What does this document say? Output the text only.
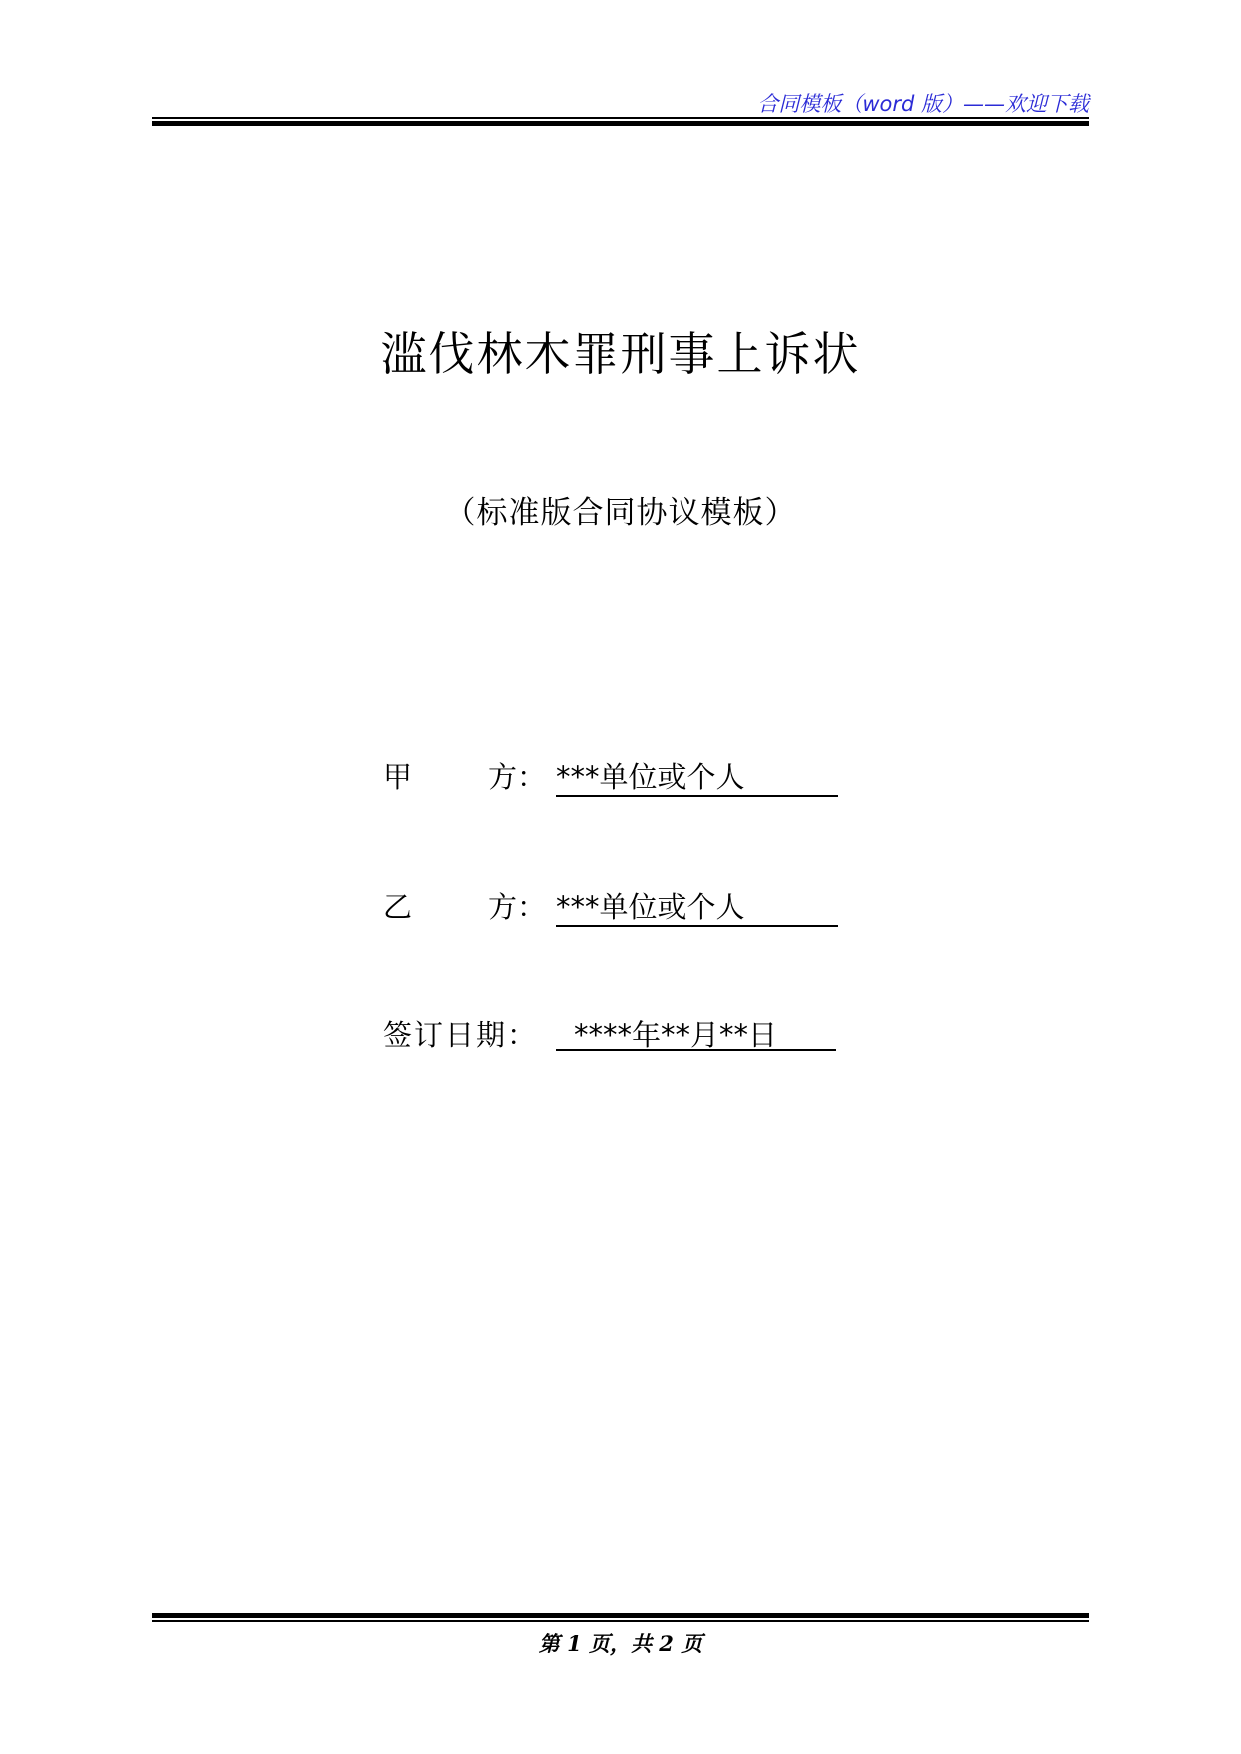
合同模板（word 版）——欢迎下载
滥伐林木罪刑事上诉状
（标准版合同协议模板）
甲	方： ***单位或个人
乙	方： ***单位或个人
签订日期：	****年**月**日
第 1 页，共 2 页
